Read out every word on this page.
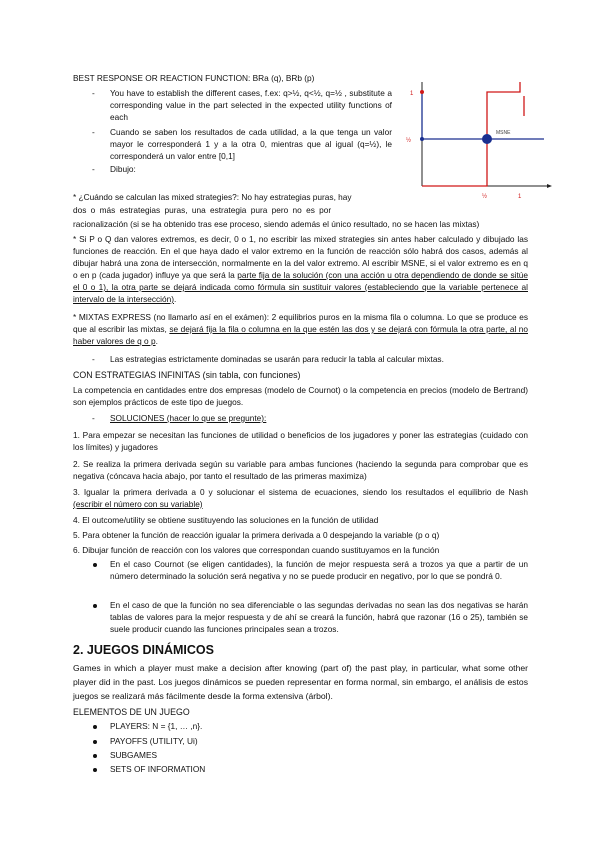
BEST RESPONSE OR REACTION FUNCTION: BRa (q), BRb (p)
- You have to establish the different cases, f.ex: q>½, q<½, q=½ , substitute a corresponding value in the part selected in the expected utility functions of each
- Cuando se saben los resultados de cada utilidad, a la que tenga un valor mayor le corresponderá 1 y a la otra 0, mientras que al igual (q=½), le corresponderá un valor entre [0,1]
- Dibujo:
MSNE
1
½
½	1
* ¿Cuándo se calculan las mixed strategies?: No hay estrategias puras, hay
dos o más estrategias puras, una estrategia pura pero no es por
racionalización (si se ha obtenido tras ese proceso, siendo además el único resultado, no se hacen las mixtas)
* Si P o Q dan valores extremos, es decir, 0 o 1, no escribir las mixed strategies sin antes haber calculado y dibujado las funciones de reacción. En el que haya dado el valor extremo en la función de reacción sólo habrá dos casos, además al dibujar habrá una zona de intersección, normalmente en la del valor extremo. Al escribir MSNE, si el valor extremo es en q o en p (cada jugador) influye ya que será la parte fija de la solución (con una acción u otra dependiendo de donde se sitúe el 0 o 1), la otra parte se dejará indicada como fórmula sin sustituir valores (estableciendo que la variable pertenece al intervalo de la intersección).
* MIXTAS EXPRESS (no llamarlo así en el exámen): 2 equilibrios puros en la misma fila o columna. Lo que se produce es que al escribir las mixtas, se dejará fija la fila o columna en la que estén las dos y se dejará con fórmula la otra parte, al no haber valores de q o p.
- Las estrategias estrictamente dominadas se usarán para reducir la tabla al calcular mixtas.
CON ESTRATEGIAS INFINITAS (sin tabla, con funciones)
La competencia en cantidades entre dos empresas (modelo de Cournot) o la competencia en precios (modelo de Bertrand) son ejemplos prácticos de este tipo de juegos.
- SOLUCIONES (hacer lo que se pregunte):
1. Para empezar se necesitan las funciones de utilidad o beneficios de los jugadores y poner las estrategias (cuidado con los límites) y jugadores
2. Se realiza la primera derivada según su variable para ambas funciones (haciendo la segunda para comprobar que es negativa (cóncava hacia abajo, por tanto el resultado de las primeras maximiza)
3. Igualar la primera derivada a 0 y solucionar el sistema de ecuaciones, siendo los resultados el equilibrio de Nash (escribir el número con su variable)
4. El outcome/utility se obtiene sustituyendo las soluciones en la función de utilidad
5. Para obtener la función de reacción igualar la primera derivada a 0 despejando la variable (p o q)
6. Dibujar función de reacción con los valores que correspondan cuando sustituyamos en la función
En el caso Cournot (se eligen cantidades), la función de mejor respuesta será a trozos ya que a partir de un número determinado la solución será negativa y no se puede producir en negativo, por lo que se pondrá 0.
En el caso de que la función no sea diferenciable o las segundas derivadas no sean las dos negativas se harán tablas de valores para la mejor respuesta y de ahí se creará la función, habrá que razonar (16 o 25), también se suele producir cuando las funciones principales sean a trozos.
2. JUEGOS DINÁMICOS
Games in which a player must make a decision after knowing (part of) the past play, in particular, what some other player did in the past. Los juegos dinámicos se pueden representar en forma normal, sin embargo, el análisis de estos juegos se realizará más fácilmente desde la forma extensiva (árbol).
ELEMENTOS DE UN JUEGO
PLAYERS: N = {1, … ,n}.
PAYOFFS (UTILITY, Ui)
SUBGAMES
SETS OF INFORMATION
